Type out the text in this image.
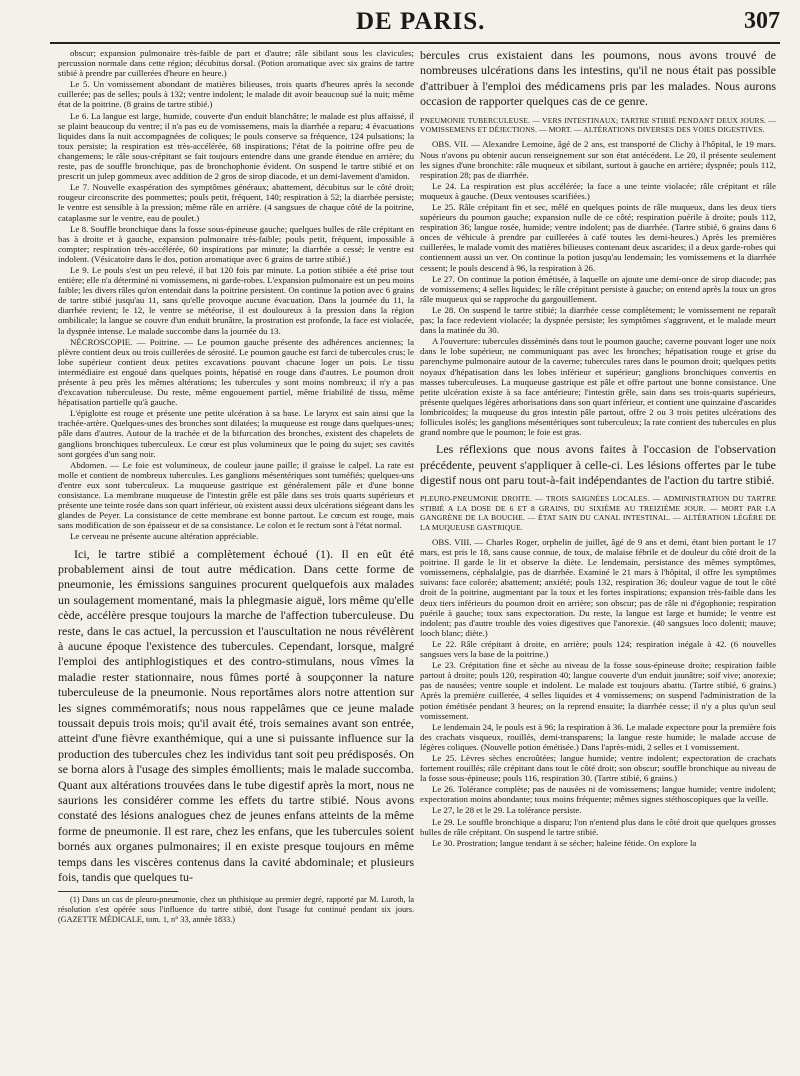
DE PARIS.	307

obscur; expansion pulmonaire très-faible de part et d'autre; râle sibilant sous les clavicules; percussion normale dans cette région; décubitus dorsal. (Potion aromatique avec six grains de tartre stibié à prendre par cuillerées d'heure en heure.)

Le 5. Un vomissement abondant de matières bilieuses, trois quarts d'heures après la seconde cuillerée; pas de selles; pouls à 132; ventre indolent; le malade dit avoir beaucoup sué la nuit; même état de la poitrine. (8 grains de tartre stibié.)

Le 6. La langue est large, humide, couverte d'un enduit blanchâtre; le malade est plus affaissé, il se plaint beaucoup du ventre; il n'a pas eu de vomissemens, mais la diarrhée a reparu; 4 évacuations liquides dans la nuit accompagnées de coliques; le pouls conserve sa fréquence, 124 pulsations; la toux persiste; la respiration est très-accélérée, 68 inspirations; l'état de la poitrine offre peu de changemens; le râle sous-crépitant se fait toujours entendre dans une grande étendue en arrière; du reste, pas de souffle bronchique, pas de bronchophonie évident. On suspend le tartre stibié et on prescrit un julep gommeux avec addition de 2 gros de sirop diacode, et un demi-lavement d'amidon.

Le 7. Nouvelle exaspération des symptômes généraux; abattement, décubitus sur le côté droit; rougeur circonscrite des pommettes; pouls petit, fréquent, 140; respiration à 52; la diarrhée persiste; le ventre est sensible à la pression; même râle en arrière. (4 sangsues de chaque côté de la poitrine, cataplasme sur le ventre, eau de poulet.)

Le 8. Souffle bronchique dans la fosse sous-épineuse gauche; quelques bulles de râle crépitant en bas à droite et à gauche, expansion pulmonaire très-faible; pouls petit, fréquent, impossible à compter; respiration très-accélérée, 60 inspirations par minute; la diarrhée a cessé; le ventre est indolent. (Vésicatoire dans le dos, potion aromatique avec 6 grains de tartre stibié.)

Le 9. Le pouls s'est un peu relevé, il bat 120 fois par minute. La potion stibiée a été prise tout entière; elle n'a déterminé ni vomissemens, ni garde-robes. L'expansion pulmonaire est un peu moins faible; les divers râles qu'on entendait dans la poitrine persistent. On continue la potion avec 6 grains de tartre stibié jusqu'au 11, sans qu'elle provoque aucune évacuation. Dans la journée du 11, la diarrhée revient; le 12, le ventre se météorise, il est douloureux à la pression dans la région ombilicale; la langue se couvre d'un enduit brunâtre, la prostration est profonde, la face est violacée, la dyspnée intense. Le malade succombe dans la journée du 13.

NÉCROSCOPIE. — Poitrine. — Le poumon gauche présente des adhérences anciennes; la plèvre contient deux ou trois cuillerées de sérosité. Le poumon gauche est farci de tubercules crus; le lobe supérieur contient deux petites excavations pouvant chacune loger un pois. Le tissu intermédiaire est engoué dans quelques points, hépatisé en rouge dans d'autres. Le poumon droit présente à peu près les mêmes altérations; les tubercules y sont moins nombreux; il n'y a pas d'excavation tuberculeuse. Du reste, même engouement partiel, même friabilité de tissu, même hépatisation partielle qu'à gauche.

L'épiglotte est rouge et présente une petite ulcération à sa base. Le larynx est sain ainsi que la trachée-artère. Quelques-unes des bronches sont dilatées; la muqueuse est rouge dans quelques-unes; pâle dans d'autres. Autour de la trachée et de la bifurcation des bronches, existent des chapelets de ganglions bronchiques tuberculeux. Le cœur est plus volumineux que le poing du sujet; ses cavités sont gorgées d'un sang noir.

Abdomen. — Le foie est volumineux, de couleur jaune paille; il graisse le calpel. La rate est molle et contient de nombreux tubercules. Les ganglions mésentériques sont tuméfiés; quelques-uns d'entre eux sont tuberculeux. La muqueuse gastrique est généralement pâle et d'une bonne consistance. La membrane muqueuse de l'intestin grêle est pâle dans ses trois quarts supérieurs et présente une teinte rosée dans son quart inférieur, où existent aussi deux ulcérations siégeant dans les glandes de Peyer. La consistance de cette membrane est bonne partout. Le cœcum est rouge, mais sans modification de son épaisseur et de sa consistance. Le colon et le rectum sont à l'état normal.

Le cerveau ne présente aucune altération appréciable.

Ici, le tartre stibié a complètement échoué (1). Il en eût été probablement ainsi de tout autre médication. Dans cette forme de pneumonie, les émissions sanguines procurent quelquefois aux malades un soulagement momentané, mais la phlegmasie aiguë, lors même qu'elle cède, accélère presque toujours la marche de l'affection tuberculeuse. Du reste, dans le cas actuel, la percussion et l'auscultation ne nous révélèrent à aucune époque l'existence des tubercules. Cependant, lorsque, malgré l'emploi des antiphlogistiques et des contro-stimulans, nous vîmes la maladie rester stationnaire, nous fûmes porté à soupçonner la nature tuberculeuse de la pneumonie. Nous reportâmes alors notre attention sur les signes commémoratifs; nous nous rappelâmes que ce jeune malade toussait depuis trois mois; qu'il avait été, trois semaines avant son entrée, atteint d'une fièvre exanthémique, qui a une si puissante influence sur la production des tubercules chez les individus tant soit peu prédisposés. On se borna alors à l'usage des simples émollients; mais le malade succomba. Quant aux altérations trouvées dans le tube digestif après la mort, nous ne saurions les considérer comme les effets du tartre stibié. Nous avons constaté des lésions analogues chez de jeunes enfans atteints de la même forme de pneumonie. Il est rare, chez les enfans, que les tubercules soient bornés aux organes pulmonaires; il en existe presque toujours en même temps dans les viscères contenus dans la cavité abdominale; et plusieurs fois, tandis que quelques tu-

(1) Dans un cas de pleuro-pneumonie, chez un phthisique au premier degré, rapporté par M. Luroth, la résolution s'est opérée sous l'influence du tartre stibié, dont l'usage fut continué pendant six jours. (GAZETTE MÉDICALE, tom. 1, n° 33, année 1833.)

bercules crus existaient dans les poumons, nous avons trouvé de nombreuses ulcérations dans les intestins, qu'il ne nous était pas possible d'attribuer à l'emploi des médicamens pris par les malades. Nous aurons occasion de rapporter quelques cas de ce genre.

PNEUMONIE TUBERCULEUSE. — VERS INTESTINAUX; TARTRE STIBIÉ PENDANT DEUX JOURS. — VOMISSEMENS ET DÉJECTIONS. — MORT. — ALTÉRATIONS DIVERSES DES VOIES DIGESTIVES.

OBS. VII. — Alexandre Lemoine, âgé de 2 ans, est transporté de Clichy à l'hôpital, le 19 mars. Nous n'avons pu obtenir aucun renseignement sur son état antécédent. Le 20, il présente seulement les signes d'une bronchite: râle muqueux et sibilant, surtout à gauche en arrière; dyspnée; pouls 112, respiration 28; pas de diarrhée.

Le 24. La respiration est plus accélérée; la face a une teinte violacée; râle crépitant et râle muqueux à gauche. (Deux ventouses scarifiées.)

Le 25. Râle crépitant fin et sec, mêlé en quelques points de râle muqueux, dans les deux tiers supérieurs du poumon gauche; expansion nulle de ce côté; respiration puérile à droite; pouls 112, respiration 36; langue rosée, humide; ventre indolent; pas de diarrhée. (Tartre stibié, 6 grains dans 6 onces de véhicule à prendre par cuillerées à café toutes les demi-heures.) Après les premières cuillerées, le malade vomit des matières bilieuses contenant deux ascarides; il a deux garde-robes qui contiennent aussi un ver. On continue la potion jusqu'au lendemain; les vomissemens et la diarrhée cessent; le pouls descend à 96, la respiration à 26.

Le 27. On continue la potion émétisée, à laquelle on ajoute une demi-once de sirop diacode; pas de vomissemens; 4 selles liquides; le râle crépitant persiste à gauche; on entend après la toux un gros râle muqueux qui se rapproche du gargouillement.

Le 28. On suspend le tartre stibié; la diarrhée cesse complètement; le vomissement ne reparaît pas; la face redevient violacée; la dyspnée persiste; les symptômes s'aggravent, et le malade meurt dans la matinée du 30.

A l'ouverture: tubercules disséminés dans tout le poumon gauche; caverne pouvant loger une noix dans le lobe supérieur, ne communiquant pas avec les bronches; hépatisation rouge et grise du parenchyme pulmonaire autour de la caverne; tubercules rares dans le poumon droit; quelques petits noyaux d'hépatisation dans les lobes inférieur et supérieur; ganglions bronchiques convertis en masses tuberculeuses. La muqueuse gastrique est pâle et offre partout une bonne consistance. Une petite ulcération existe à sa face antérieure; l'intestin grêle, sain dans ses trois-quarts supérieurs, présente quelques légères arborisations dans son quart inférieur, et contient une quinzaine d'ascarides lombricoïdes; la muqueuse du gros intestin pâle partout, offre 2 ou 3 trois petites ulcérations des follicules isolés; les ganglions mésentériques sont tuberculeux; la rate contient des tubercules en plus grand nombre que le poumon; le foie est gras.

Les réflexions que nous avons faites à l'occasion de l'observation précédente, peuvent s'appliquer à celle-ci. Les lésions offertes par le tube digestif nous ont paru tout-à-fait indépendantes de l'action du tartre stibié.

PLEURO-PNEUMONIE DROITE. — TROIS SAIGNÉES LOCALES. — ADMINISTRATION DU TARTRE STIBIÉ A LA DOSE DE 6 ET 8 GRAINS, DU SIXIÈME AU TREIZIÈME JOUR. — MORT PAR LA GANGRÈNE DE LA BOUCHE. — ÉTAT SAIN DU CANAL INTESTINAL. — ALTÉRATION LÉGÈRE DE LA MUQUEUSE GASTRIQUE.

OBS. VIII. — Charles Roger, orphelin de juillet, âgé de 9 ans et demi, étant bien portant le 17 mars, est pris le 18, sans cause connue, de toux, de malaise fébrile et de douleur du côté droit de la poitrine. Il garde le lit et observe la diète. Le lendemain, persistance des mêmes symptômes, vomissemens, céphalalgie, pas de diarrhée. Examiné le 21 mars à l'hôpital, il offre les symptômes suivans: face colorée; abattement; anxiété; pouls 132, respiration 36; douleur vague de tout le côté droit de la poitrine, augmentant par la toux et les fortes inspirations; expansion très-faible dans les deux tiers inférieurs du poumon droit en arrière; son obscur; pas de râle ni d'égophonie; respiration puérile à gauche; toux sans expectoration. Du reste, la langue est large et humide; le ventre est indolent; pas d'autre trouble des voies digestives que l'anorexie. (40 sangsues loco dolenti; mauve; looch blanc; diète.)

Le 22. Râle crépitant à droite, en arrière; pouls 124; respiration inégale à 42. (6 nouvelles sangsues vers la base de la poitrine.)

Le 23. Crépitation fine et sèche au niveau de la fosse sous-épineuse droite; respiration faible partout à droite; pouls 120, respiration 40; langue couverte d'un enduit jaunâtre; soif vive; anorexie; pas de nausées; ventre souple et indolent. Le malade est toujours abattu. (Tartre stibié, 6 grains.) Après la première cuillerée, 4 selles liquides et 4 vomissemens; on suspend l'administration de la potion émétisée pendant 3 heures; on la reprend ensuite; la diarrhée cesse; il n'y a plus qu'un seul vomissement.

Le lendemain 24, le pouls est à 96; la respiration à 36. Le malade expectore pour la première fois des crachats visqueux, rouillés, demi-transparens; la langue reste humide; le malade accuse de légères coliques. (Nouvelle potion émétisée.) Dans l'après-midi, 2 selles et 1 vomissement.

Le 25. Lèvres sèches encroûtées; langue humide; ventre indolent; expectoration de crachats fortement rouillés; râle crépitant dans tout le côté droit; son obscur; souffle bronchique au niveau de la fosse sous-épineuse; pouls 116, respiration 30. (Tartre stibié, 6 grains.)

Le 26. Tolérance complète; pas de nausées ni de vomissemens; langue humide; ventre indolent; expectoration moins abondante; toux moins fréquente; mêmes signes stéthoscopiques que la veille.

Le 27, le 28 et le 29. La tolérance persiste.

Le 29. Le souffle bronchique a disparu; l'on n'entend plus dans le côté droit que quelques grosses bulles de râle crépitant. On suspend le tartre stibié.

Le 30. Prostration; langue tendant à se sécher; haleine fétide. On explore la
